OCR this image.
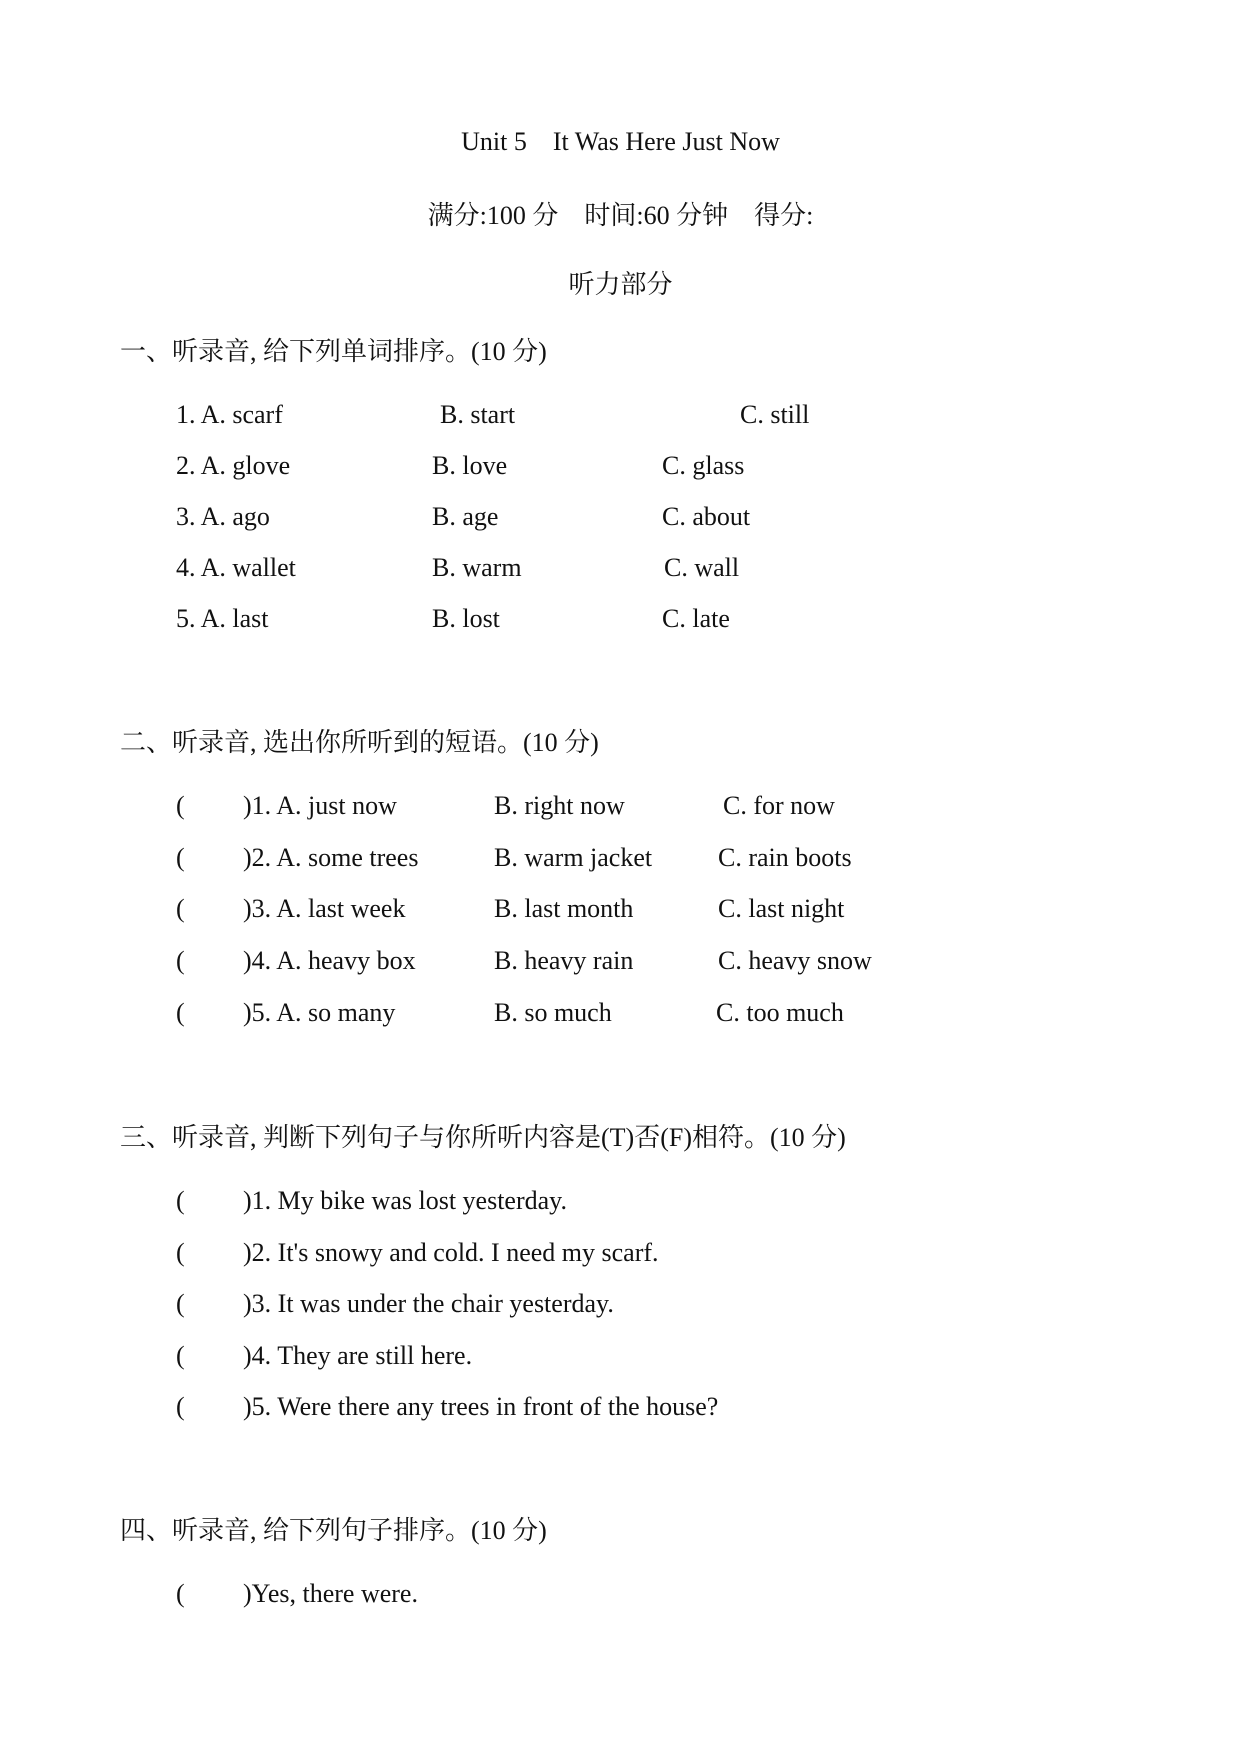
Unit 5    It Was Here Just Now
满分:100 分    时间:60 分钟    得分:
听力部分
一、听录音, 给下列单词排序。(10 分)
1. A. scarf	B. start	C. still
2. A. glove	B. love	C. glass
3. A. ago	B. age	C. about
4. A. wallet	B. warm	C. wall
5. A. last	B. lost	C. late
二、听录音, 选出你所听到的短语。(10 分)
( )1. A. just now	B. right now	C. for now
( )2. A. some trees	B. warm jacket	C. rain boots
( )3. A. last week	B. last month	C. last night
( )4. A. heavy box	B. heavy rain	C. heavy snow
( )5. A. so many	B. so much	C. too much
三、听录音, 判断下列句子与你所听内容是(T)否(F)相符。(10 分)
( )1. My bike was lost yesterday.
( )2. It's snowy and cold. I need my scarf.
( )3. It was under the chair yesterday.
( )4. They are still here.
( )5. Were there any trees in front of the house?
四、听录音, 给下列句子排序。(10 分)
( )Yes, there were.
